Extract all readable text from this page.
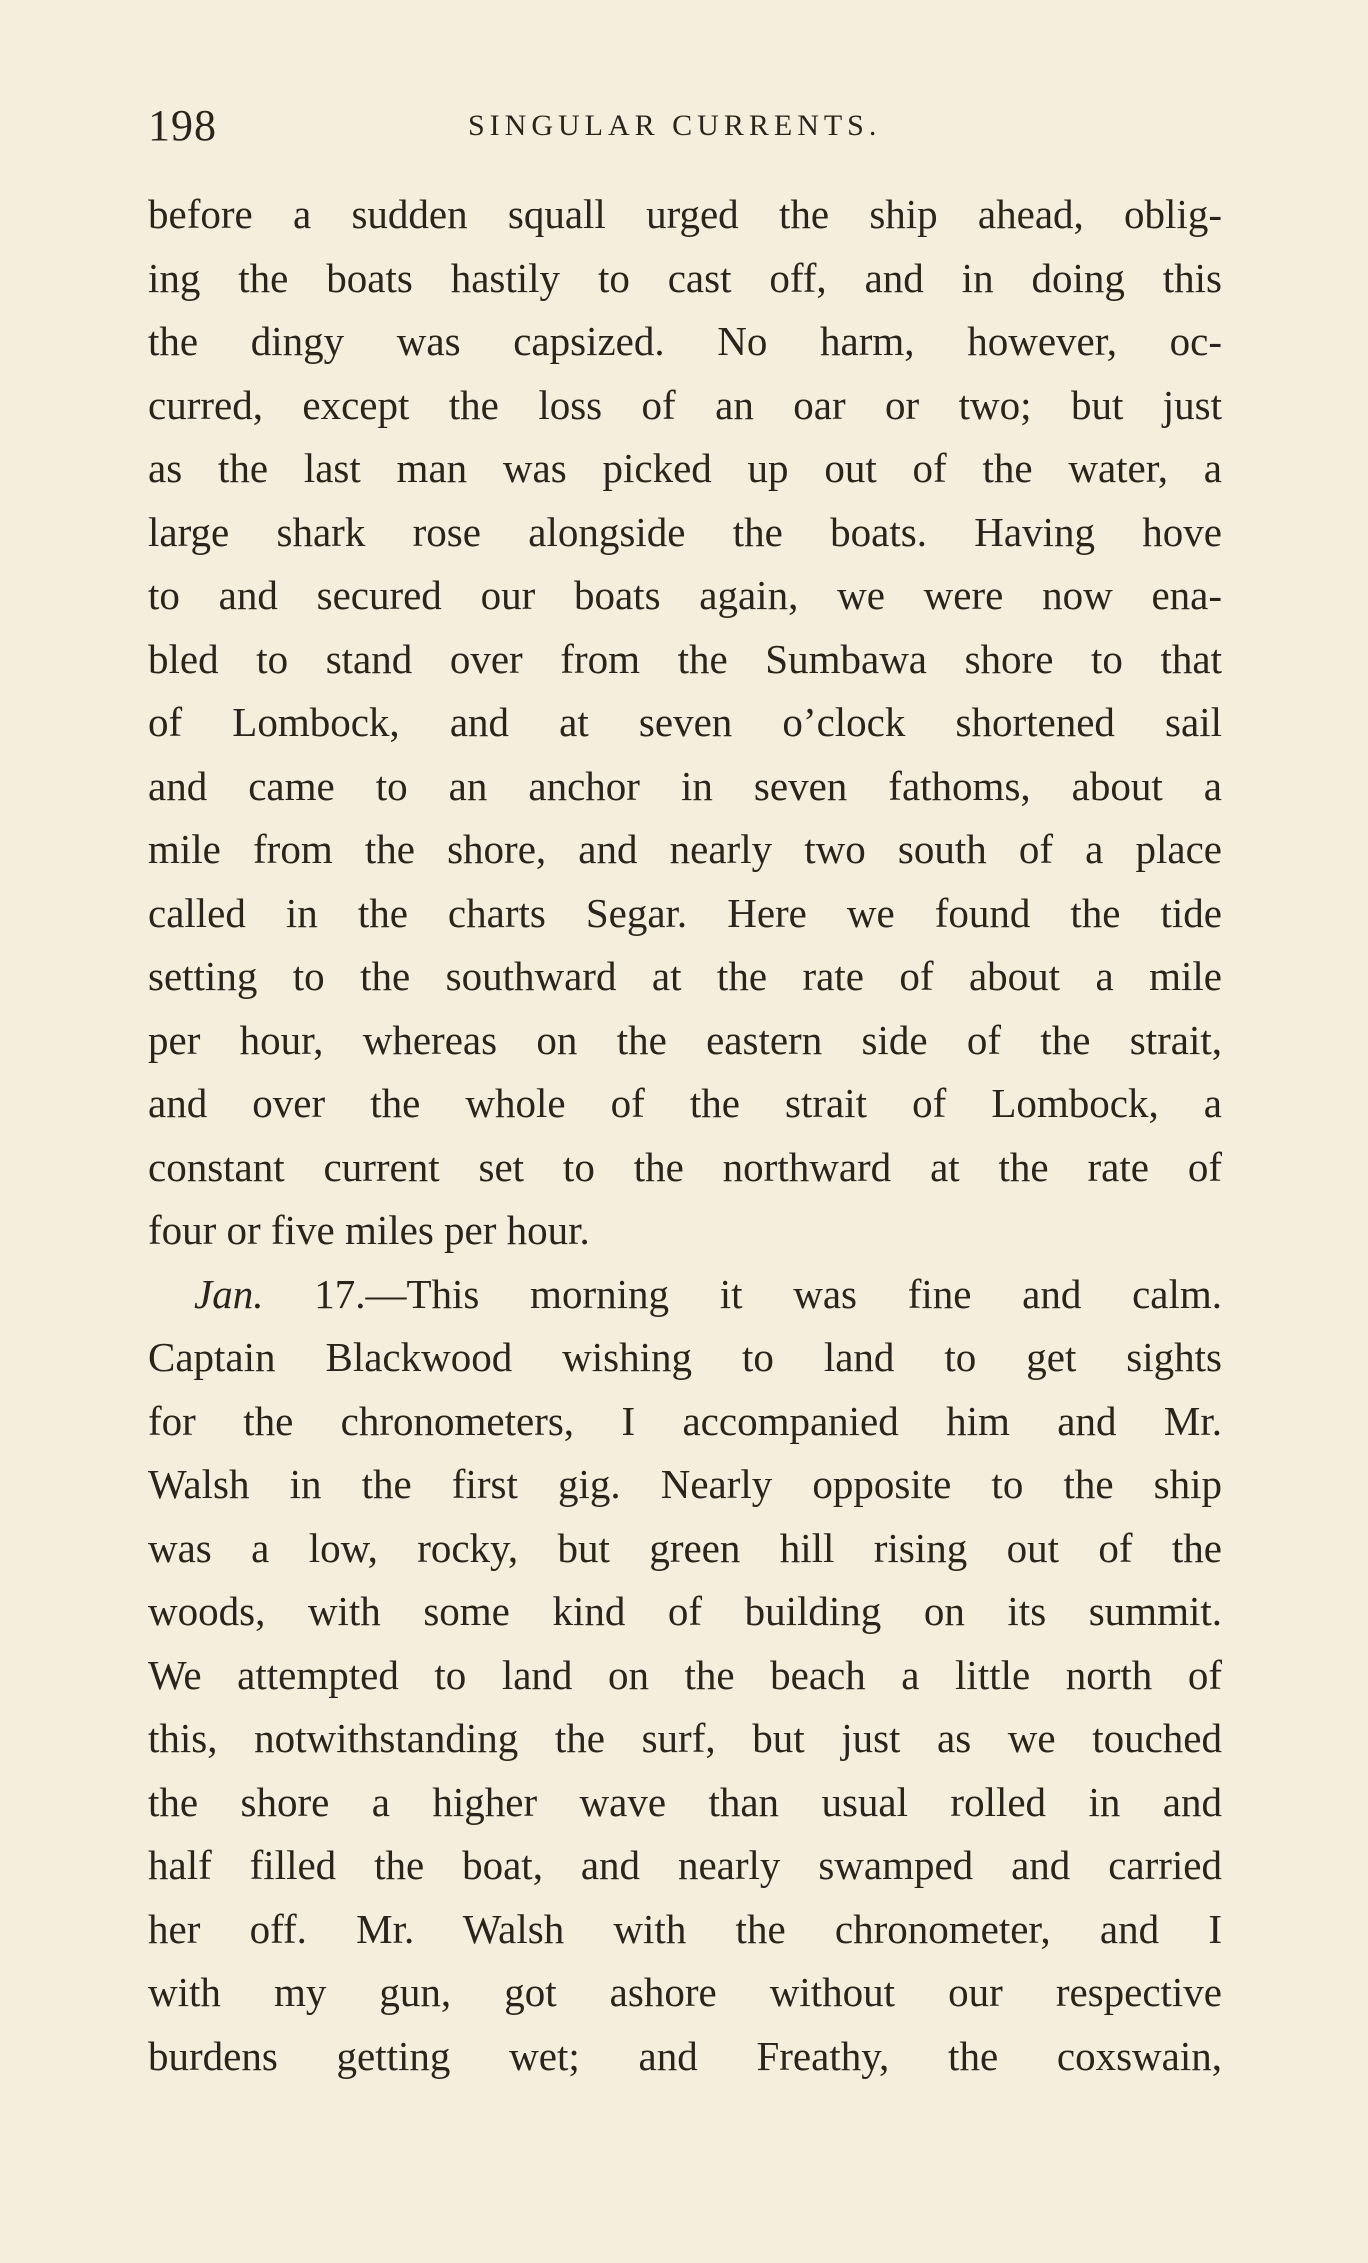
198	SINGULAR CURRENTS.
before a sudden squall urged the ship ahead, oblig-
ing the boats hastily to cast off, and in doing this
the dingy was capsized. No harm, however, oc-
curred, except the loss of an oar or two; but just
as the last man was picked up out of the water, a
large shark rose alongside the boats. Having hove
to and secured our boats again, we were now ena-
bled to stand over from the Sumbawa shore to that
of Lombock, and at seven o’clock shortened sail
and came to an anchor in seven fathoms, about a
mile from the shore, and nearly two south of a place
called in the charts Segar. Here we found the tide
setting to the southward at the rate of about a mile
per hour, whereas on the eastern side of the strait,
and over the whole of the strait of Lombock, a
constant current set to the northward at the rate of
four or five miles per hour.
Jan. 17.—This morning it was fine and calm.
Captain Blackwood wishing to land to get sights
for the chronometers, I accompanied him and Mr.
Walsh in the first gig. Nearly opposite to the ship
was a low, rocky, but green hill rising out of the
woods, with some kind of building on its summit.
We attempted to land on the beach a little north of
this, notwithstanding the surf, but just as we touched
the shore a higher wave than usual rolled in and
half filled the boat, and nearly swamped and carried
her off. Mr. Walsh with the chronometer, and I
with my gun, got ashore without our respective
burdens getting wet; and Freathy, the coxswain,
